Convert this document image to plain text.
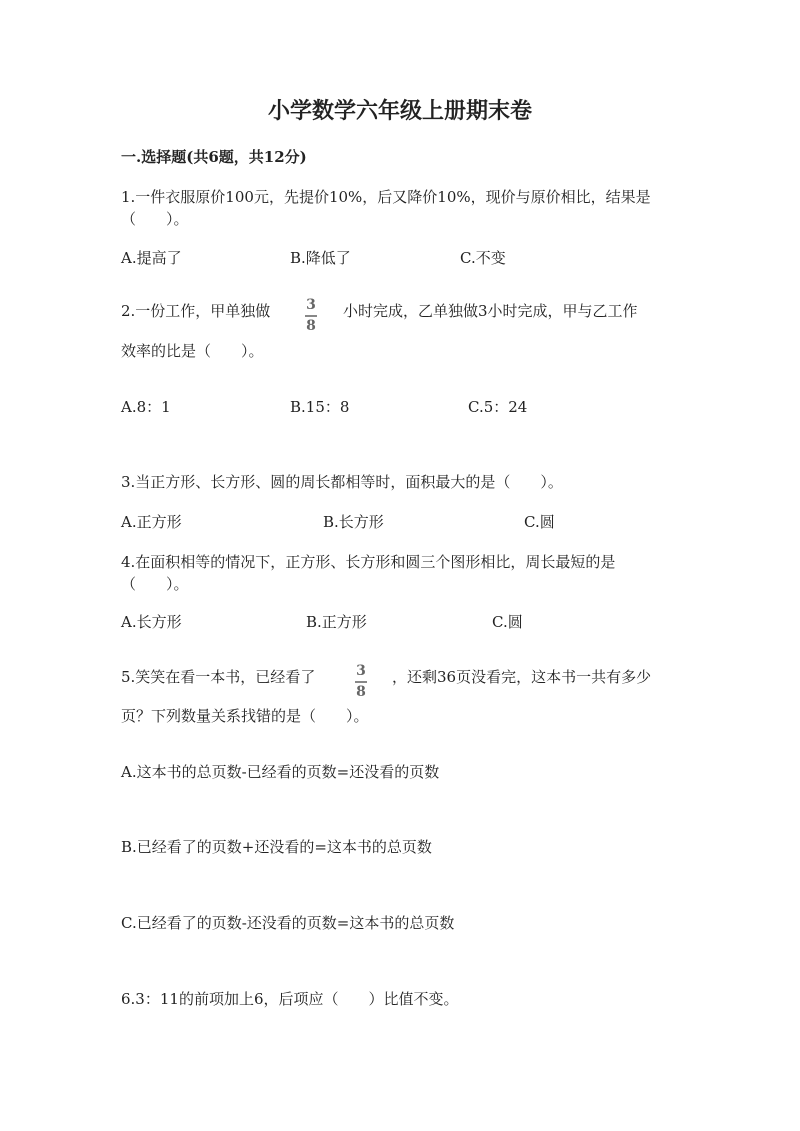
小学数学六年级上册期末卷
一.选择题(共6题，共12分)
1.一件衣服原价100元，先提价10%，后又降价10%，现价与原价相比，结果是
（　　）。
A.提高了	B.降低了	C.不变
2.一份工作，甲单独做	3
8
小时完成，乙单独做3小时完成，甲与乙工作
效率的比是（　　）。
A.8：1	B.15：8	C.5：24
3.当正方形、长方形、圆的周长都相等时，面积最大的是（　　）。
A.正方形	B.长方形	C.圆
4.在面积相等的情况下，正方形、长方形和圆三个图形相比，周长最短的是
（　　）。
A.长方形	B.正方形	C.圆
5.笑笑在看一本书，已经看了	3
8
，还剩36页没看完，这本书一共有多少
页？下列数量关系找错的是（　　）。
A.这本书的总页数-已经看的页数=还没看的页数
B.已经看了的页数+还没看的=这本书的总页数
C.已经看了的页数-还没看的页数=这本书的总页数
6.3：11的前项加上6，后项应（　　）比值不变。
